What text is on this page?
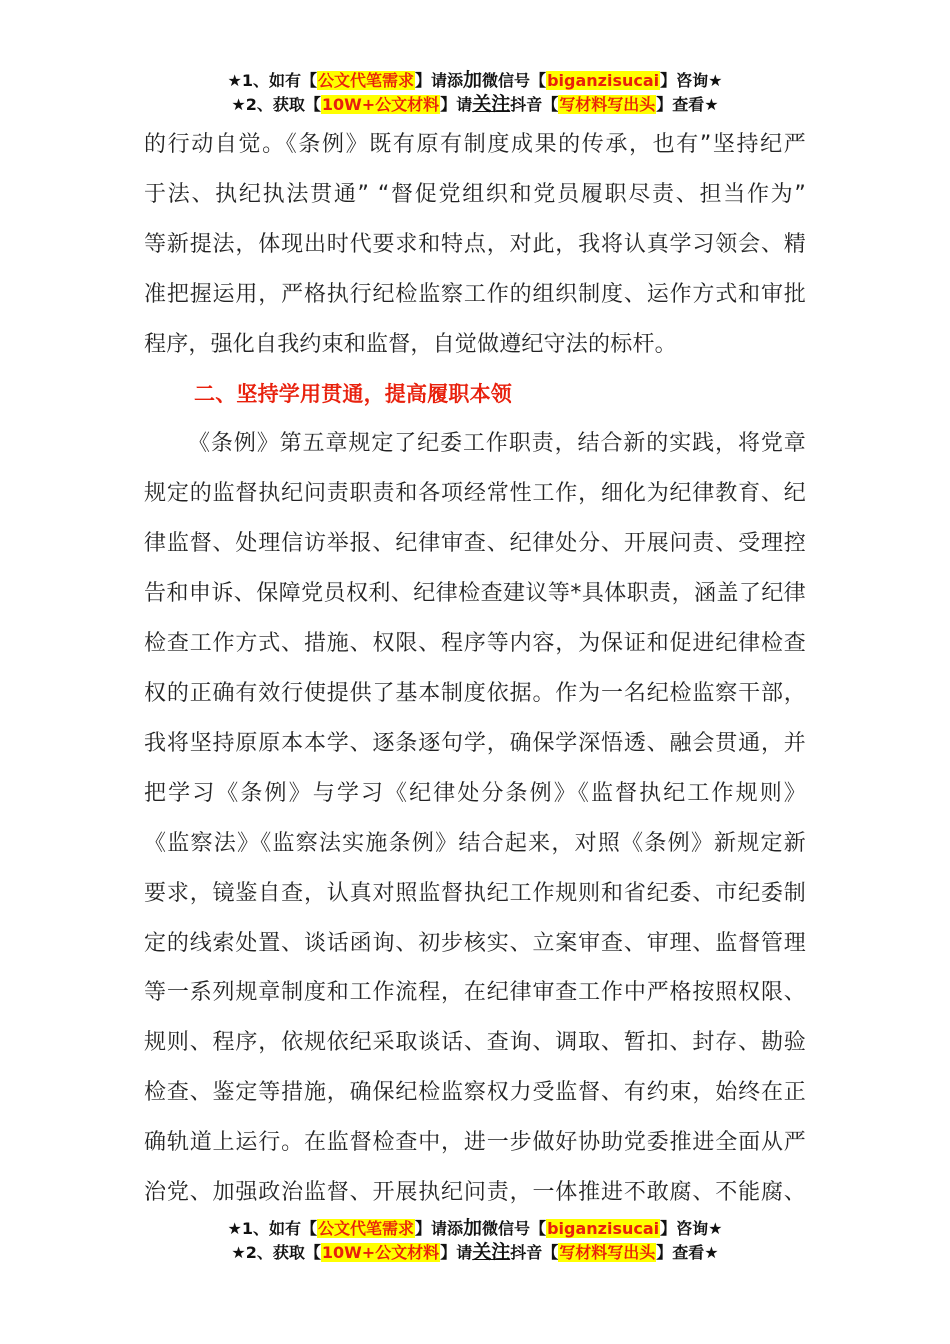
★1、如有【公文代笔需求】请添加微信号【biganzisucai】咨询★
★2、获取【10W+公文材料】请关注抖音【写材料写出头】查看★

的行动自觉。《条例》既有原有制度成果的传承，也有”坚持纪严
于法、执纪执法贯通” “督促党组织和党员履职尽责、担当作为”
等新提法，体现出时代要求和特点，对此，我将认真学习领会、精
准把握运用，严格执行纪检监察工作的组织制度、运作方式和审批
程序，强化自我约束和监督，自觉做遵纪守法的标杆。

二、坚持学用贯通，提高履职本领

《条例》第五章规定了纪委工作职责，结合新的实践，将党章
规定的监督执纪问责职责和各项经常性工作，细化为纪律教育、纪
律监督、处理信访举报、纪律审查、纪律处分、开展问责、受理控
告和申诉、保障党员权利、纪律检查建议等*具体职责，涵盖了纪律
检查工作方式、措施、权限、程序等内容，为保证和促进纪律检查
权的正确有效行使提供了基本制度依据。作为一名纪检监察干部，
我将坚持原原本本学、逐条逐句学，确保学深悟透、融会贯通，并
把学习《条例》与学习《纪律处分条例》《监督执纪工作规则》
《监察法》《监察法实施条例》结合起来，对照《条例》新规定新
要求，镜鉴自查，认真对照监督执纪工作规则和省纪委、市纪委制
定的线索处置、谈话函询、初步核实、立案审查、审理、监督管理
等一系列规章制度和工作流程，在纪律审查工作中严格按照权限、
规则、程序，依规依纪采取谈话、查询、调取、暂扣、封存、勘验
检查、鉴定等措施，确保纪检监察权力受监督、有约束，始终在正
确轨道上运行。在监督检查中，进一步做好协助党委推进全面从严
治党、加强政治监督、开展执纪问责，一体推进不敢腐、不能腐、

★1、如有【公文代笔需求】请添加微信号【biganzisucai】咨询★
★2、获取【10W+公文材料】请关注抖音【写材料写出头】查看★
